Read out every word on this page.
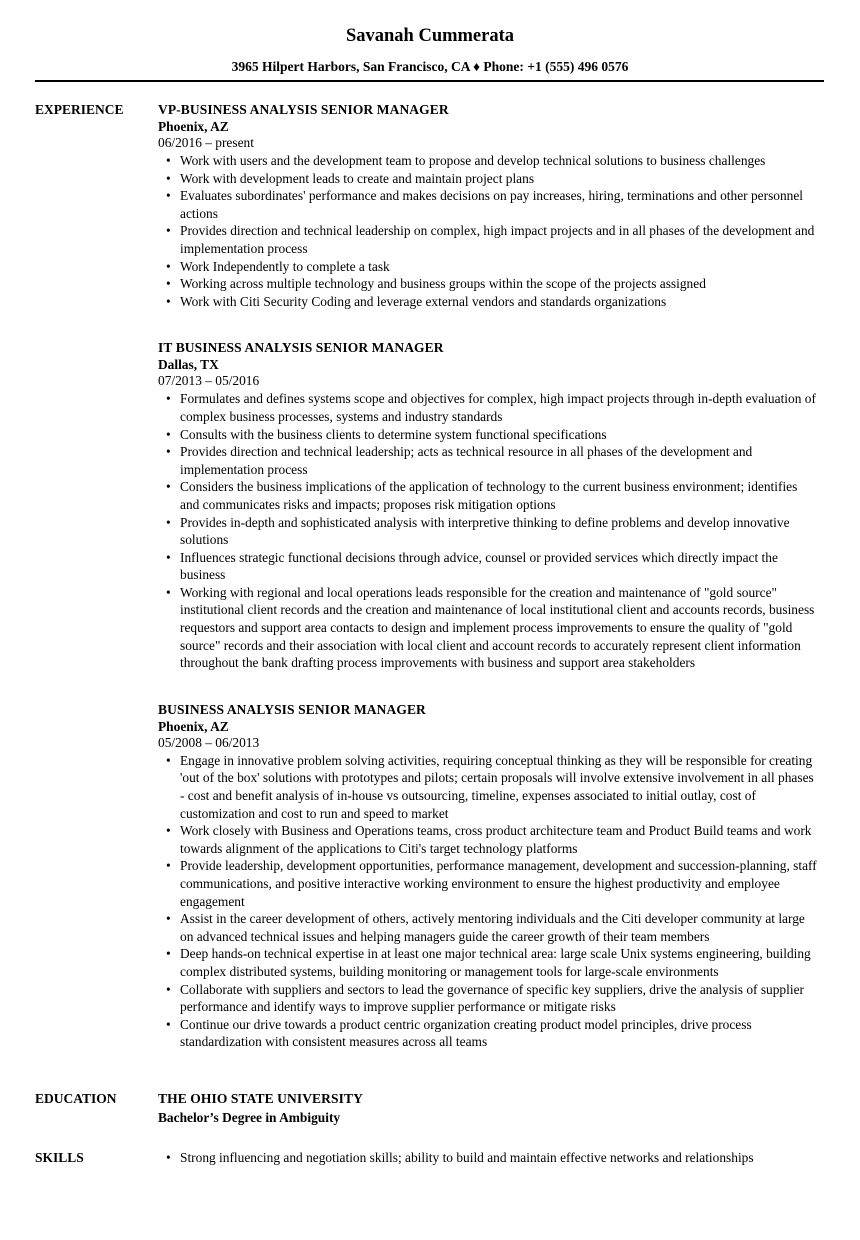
Savanah Cummerata
3965 Hilpert Harbors, San Francisco, CA ♦ Phone: +1 (555) 496 0576
EXPERIENCE	VP-BUSINESS ANALYSIS SENIOR MANAGER
Phoenix, AZ
06/2016 – present
• Work with users and the development team to propose and develop technical solutions to business challenges
• Work with development leads to create and maintain project plans
• Evaluates subordinates' performance and makes decisions on pay increases, hiring, terminations and other personnel actions
• Provides direction and technical leadership on complex, high impact projects and in all phases of the development and implementation process
• Work Independently to complete a task
• Working across multiple technology and business groups within the scope of the projects assigned
• Work with Citi Security Coding and leverage external vendors and standards organizations
IT BUSINESS ANALYSIS SENIOR MANAGER
Dallas, TX
07/2013 – 05/2016
• Formulates and defines systems scope and objectives for complex, high impact projects through in-depth evaluation of complex business processes, systems and industry standards
• Consults with the business clients to determine system functional specifications
• Provides direction and technical leadership; acts as technical resource in all phases of the development and implementation process
• Considers the business implications of the application of technology to the current business environment; identifies and communicates risks and impacts; proposes risk mitigation options
• Provides in-depth and sophisticated analysis with interpretive thinking to define problems and develop innovative solutions
• Influences strategic functional decisions through advice, counsel or provided services which directly impact the business
• Working with regional and local operations leads responsible for the creation and maintenance of "gold source" institutional client records and the creation and maintenance of local institutional client and accounts records, business requestors and support area contacts to design and implement process improvements to ensure the quality of "gold source" records and their association with local client and account records to accurately represent client information throughout the bank drafting process improvements with business and support area stakeholders
BUSINESS ANALYSIS SENIOR MANAGER
Phoenix, AZ
05/2008 – 06/2013
• Engage in innovative problem solving activities, requiring conceptual thinking as they will be responsible for creating 'out of the box' solutions with prototypes and pilots; certain proposals will involve extensive involvement in all phases - cost and benefit analysis of in-house vs outsourcing, timeline, expenses associated to initial outlay, cost of customization and cost to run and speed to market
• Work closely with Business and Operations teams, cross product architecture team and Product Build teams and work towards alignment of the applications to Citi's target technology platforms
• Provide leadership, development opportunities, performance management, development and succession-planning, staff communications, and positive interactive working environment to ensure the highest productivity and employee engagement
• Assist in the career development of others, actively mentoring individuals and the Citi developer community at large on advanced technical issues and helping managers guide the career growth of their team members
• Deep hands-on technical expertise in at least one major technical area: large scale Unix systems engineering, building complex distributed systems, building monitoring or management tools for large-scale environments
• Collaborate with suppliers and sectors to lead the governance of specific key suppliers, drive the analysis of supplier performance and identify ways to improve supplier performance or mitigate risks
• Continue our drive towards a product centric organization creating product model principles, drive process standardization with consistent measures across all teams
EDUCATION	THE OHIO STATE UNIVERSITY
Bachelor’s Degree in Ambiguity
SKILLS	• Strong influencing and negotiation skills; ability to build and maintain effective networks and relationships
